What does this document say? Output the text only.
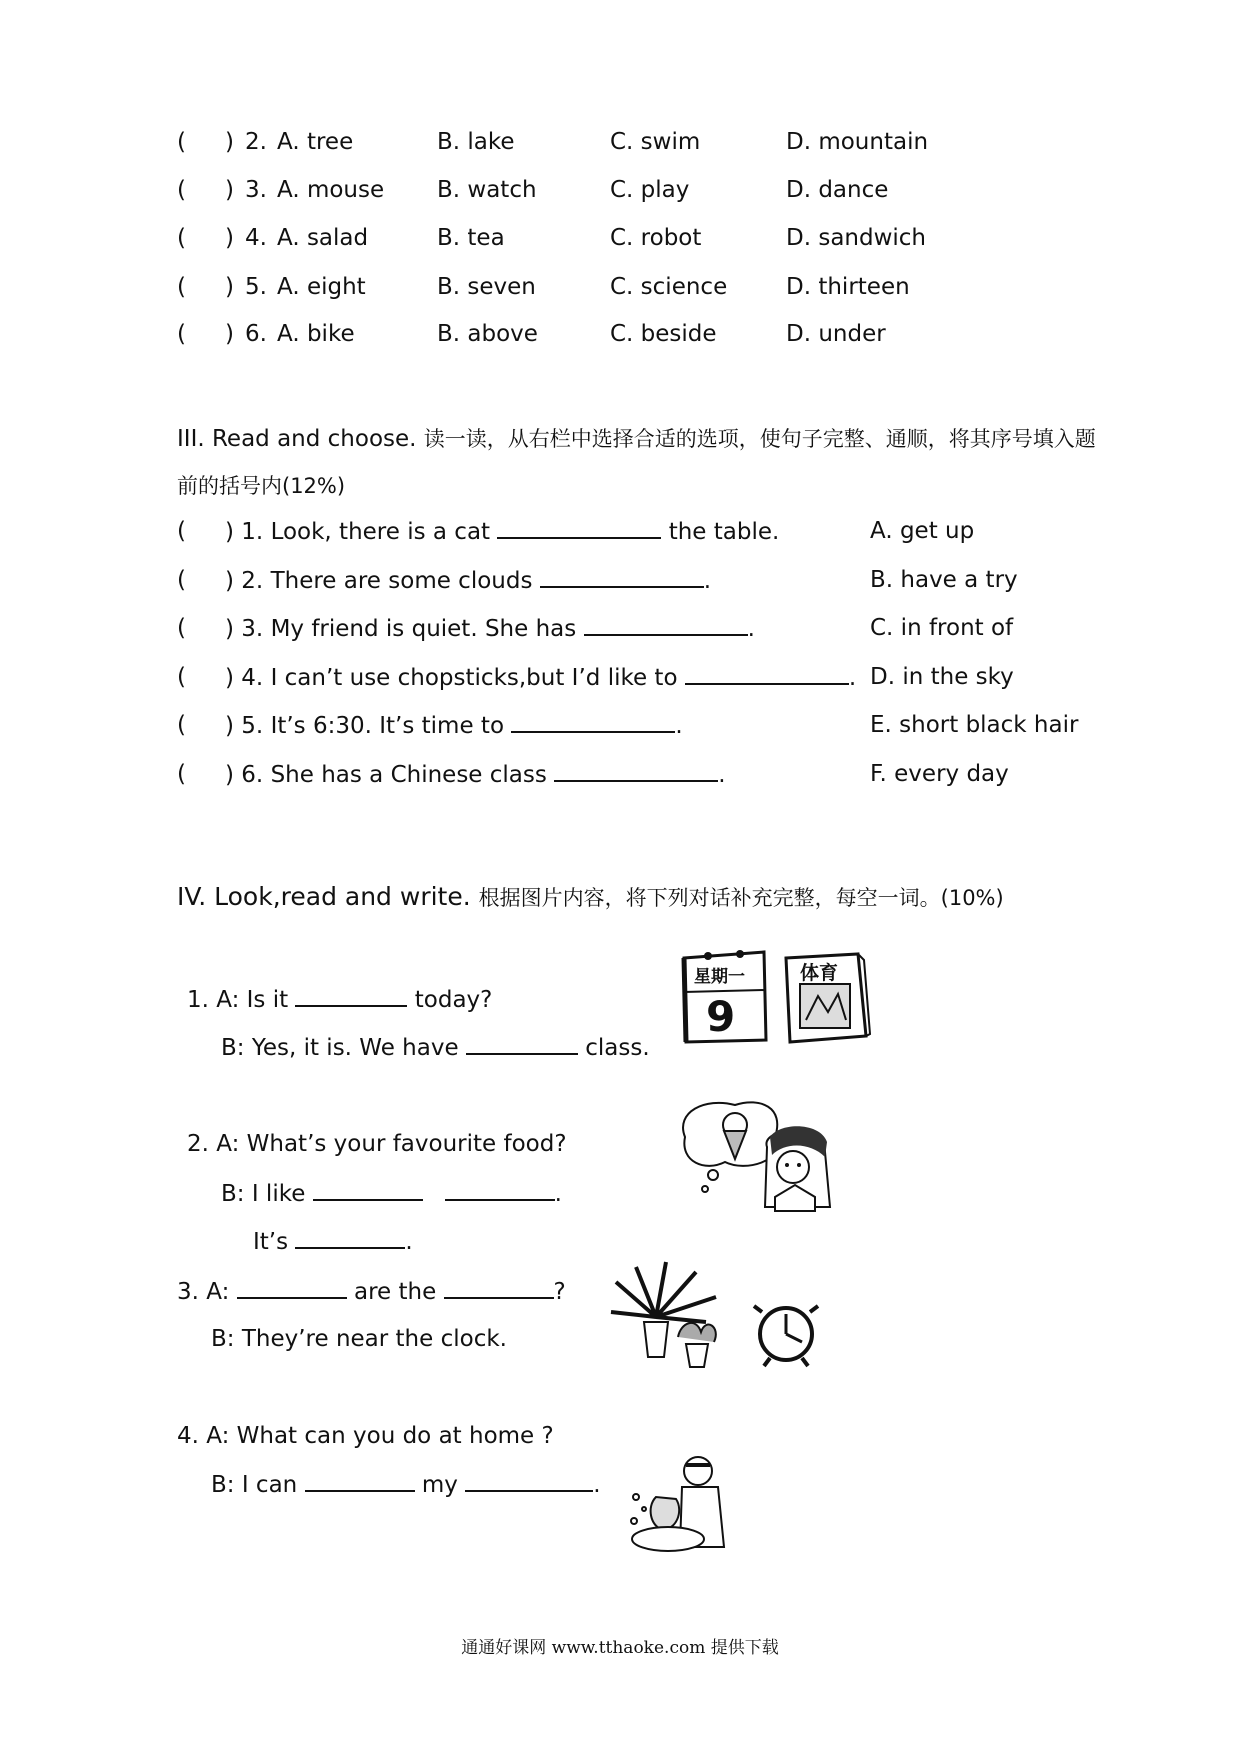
( ) 2. A. tree	B. lake	C. swim	D. mountain
( ) 3. A. mouse B. watch	C. play	D. dance
( ) 4. A. salad	B. tea	C. robot	D. sandwich
( ) 5. A. eight	B. seven	C. science	D. thirteen
( ) 6. A. bike	B. above	C. beside	D. under
III. Read and choose. 读一读，从右栏中选择合适的选项，使句子完整、通顺，将其序号填入题
前的括号内(12%)
( ) 1. Look, there is a cat	the table.	A. get up
( ) 2. There are some clouds	.	B. have a try
( ) 3. My friend is quiet. She has	.	C. in front of
( ) 4. I can’t use chopsticks,but I’d like to	. D. in the sky
( ) 5. It’s 6:30. It’s time to	.	E. short black hair
( ) 6. She has a Chinese class	.	F. every day
IV. Look,read and write. 根据图片内容，将下列对话补充完整，每空一词。(10%)
1. A: Is it	today?
B: Yes, it is. We have	class.
星期一
9
体育
2. A: What’s your favourite food?
B: I like	.
It’s	.
3. A:	are the	?
B: They’re near the clock.
4. A: What can you do at home ?
B: I can	my	.
通通好课网 www.tthaoke.com 提供下载
